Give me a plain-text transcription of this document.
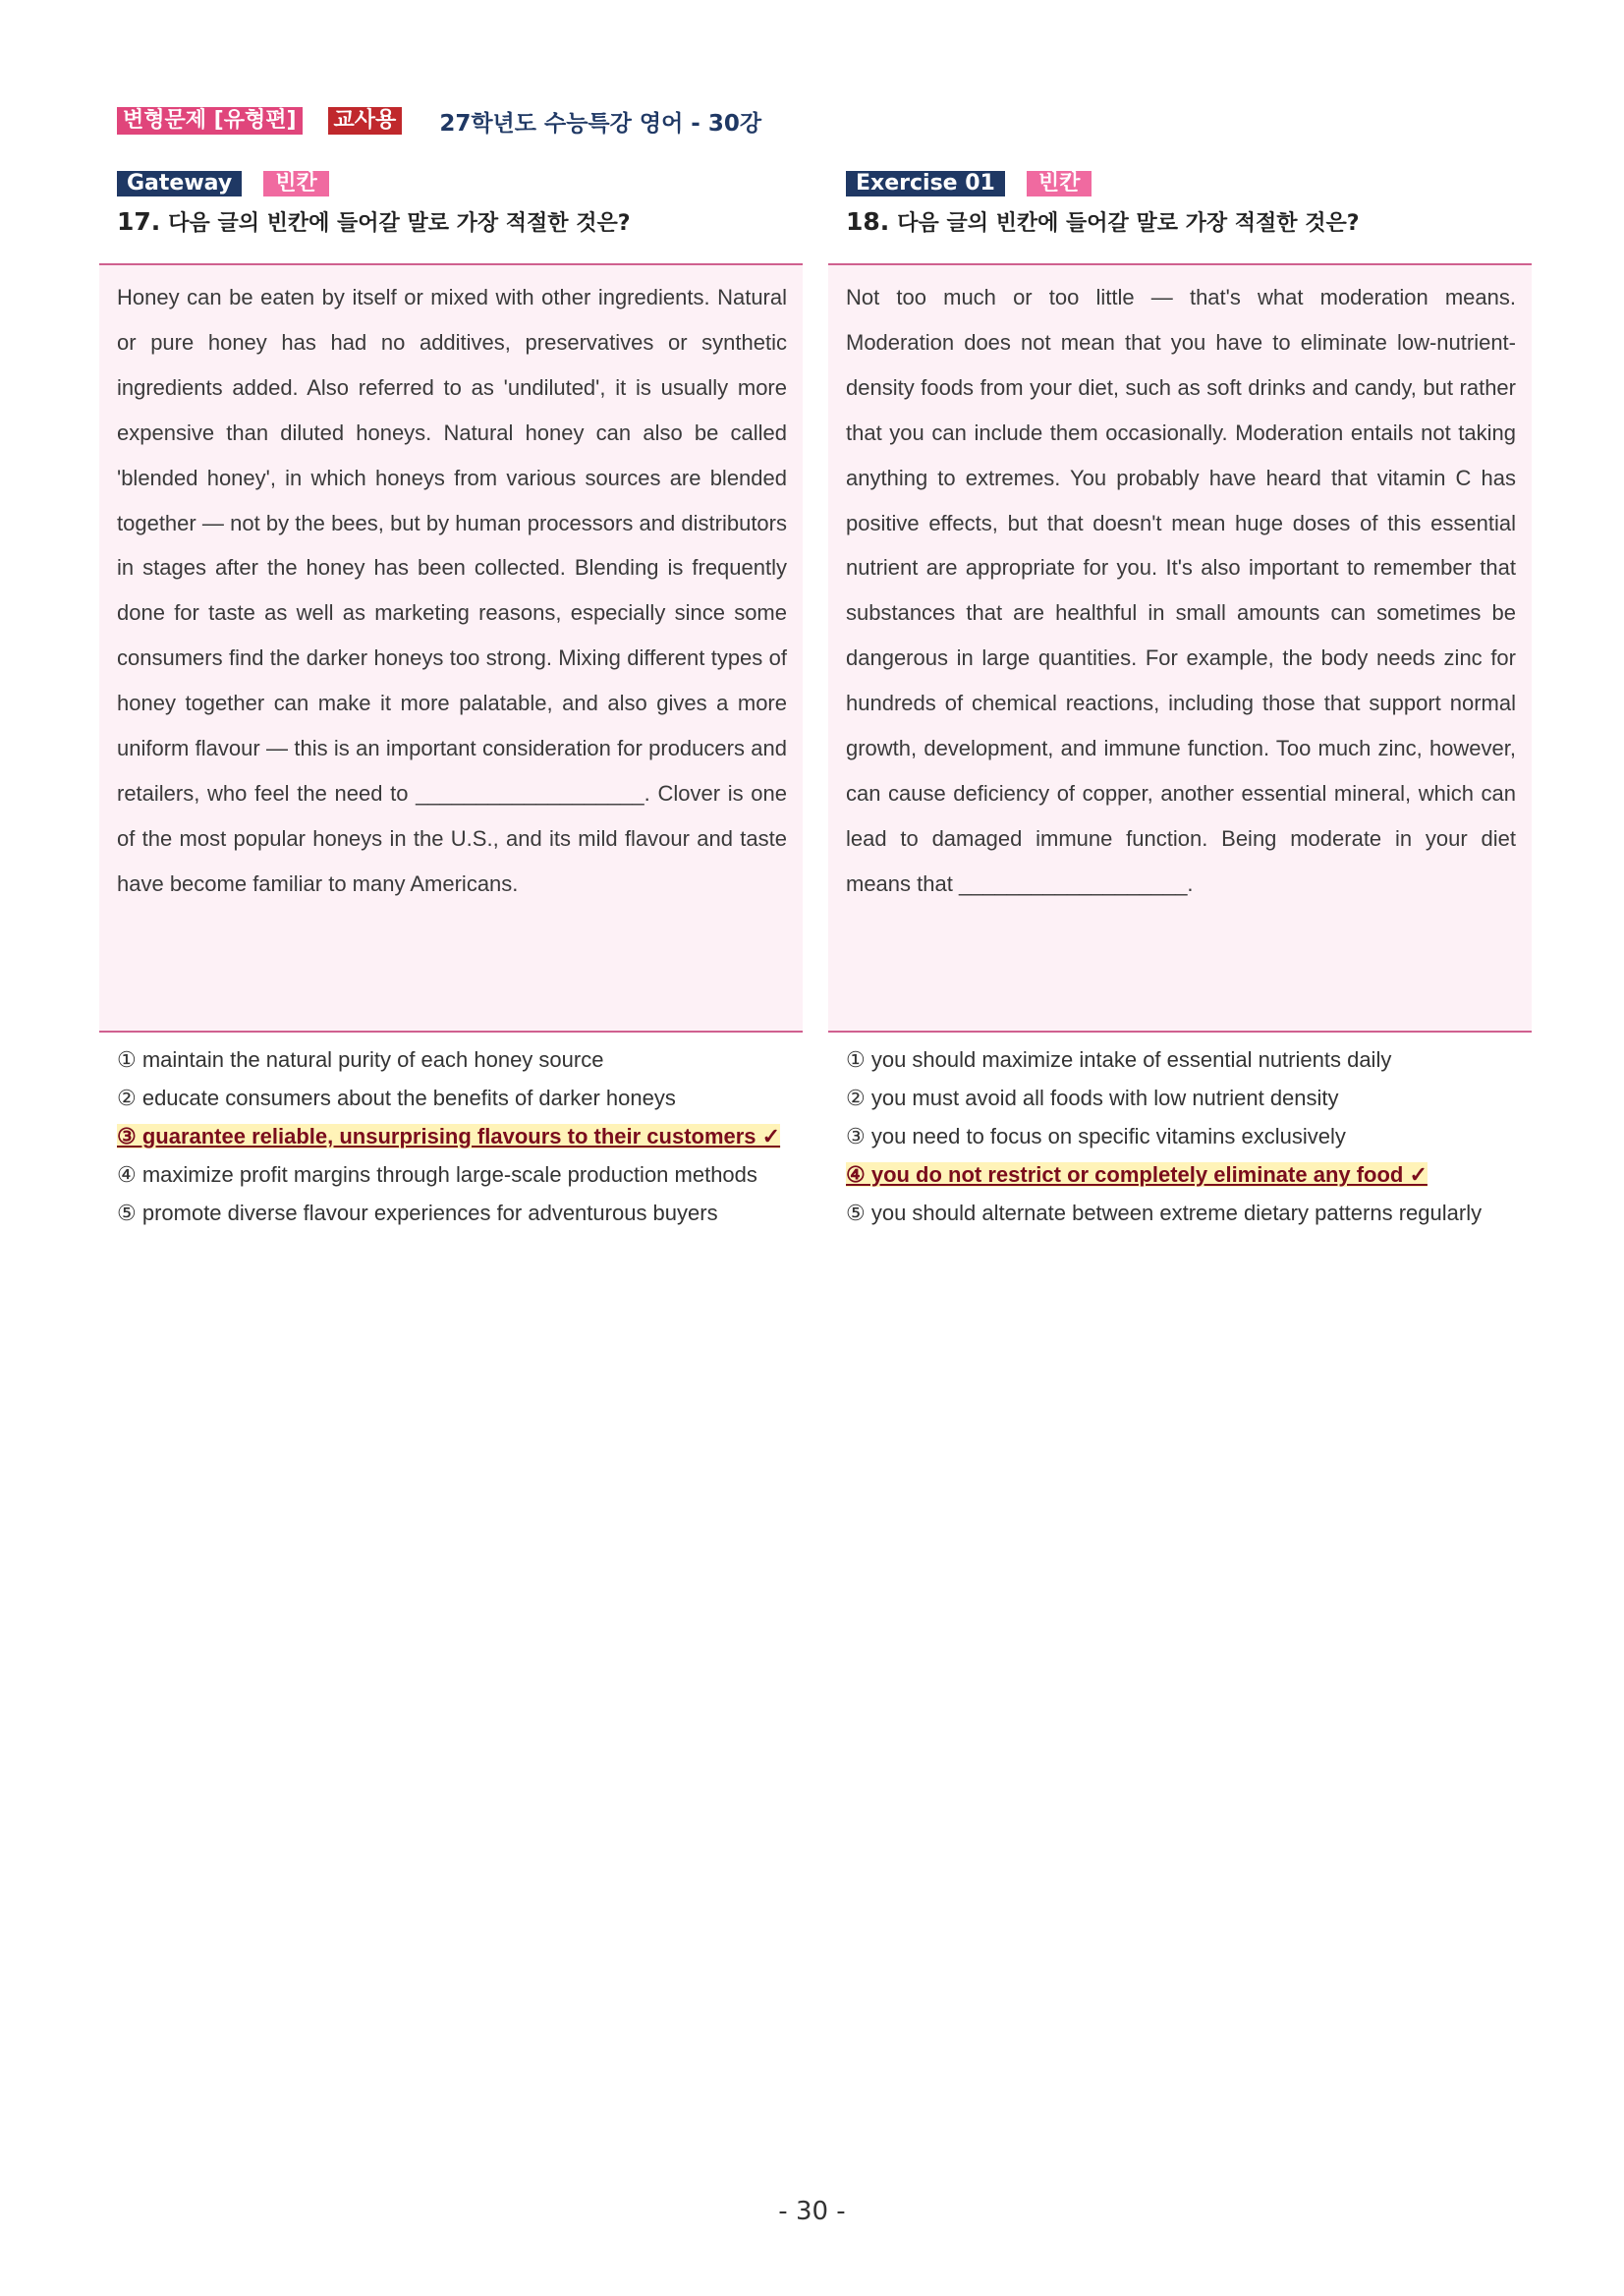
변형문제 [유형편] 교사용 27학년도 수능특강 영어 - 30강
Gateway	빈칸
17. 다음 글의 빈칸에 들어갈 말로 가장 적절한 것은?
Honey can be eaten by itself or mixed with other ingredients. Natural or pure honey has had no additives, preservatives or synthetic ingredients added. Also referred to as 'undiluted', it is usually more expensive than diluted honeys. Natural honey can also be called 'blended honey', in which honeys from various sources are blended together — not by the bees, but by human processors and distributors in stages after the honey has been collected. Blending is frequently done for taste as well as marketing reasons, especially since some consumers find the darker honeys too strong. Mixing different types of honey together can make it more palatable, and also gives a more uniform flavour — this is an important consideration for producers and retailers, who feel the need to ___________________. Clover is one of the most popular honeys in the U.S., and its mild flavour and taste have become familiar to many Americans.
① maintain the natural purity of each honey source
② educate consumers about the benefits of darker honeys
③ guarantee reliable, unsurprising flavours to their customers ✓
④ maximize profit margins through large-scale production methods
⑤ promote diverse flavour experiences for adventurous buyers
Exercise 01	빈칸
18. 다음 글의 빈칸에 들어갈 말로 가장 적절한 것은?
Not too much or too little — that's what moderation means. Moderation does not mean that you have to eliminate low-nutrient-density foods from your diet, such as soft drinks and candy, but rather that you can include them occasionally. Moderation entails not taking anything to extremes. You probably have heard that vitamin C has positive effects, but that doesn't mean huge doses of this essential nutrient are appropriate for you. It's also important to remember that substances that are healthful in small amounts can sometimes be dangerous in large quantities. For example, the body needs zinc for hundreds of chemical reactions, including those that support normal growth, development, and immune function. Too much zinc, however, can cause deficiency of copper, another essential mineral, which can lead to damaged immune function. Being moderate in your diet means that ___________________.
① you should maximize intake of essential nutrients daily
② you must avoid all foods with low nutrient density
③ you need to focus on specific vitamins exclusively
④ you do not restrict or completely eliminate any food ✓
⑤ you should alternate between extreme dietary patterns regularly
- 30 -
